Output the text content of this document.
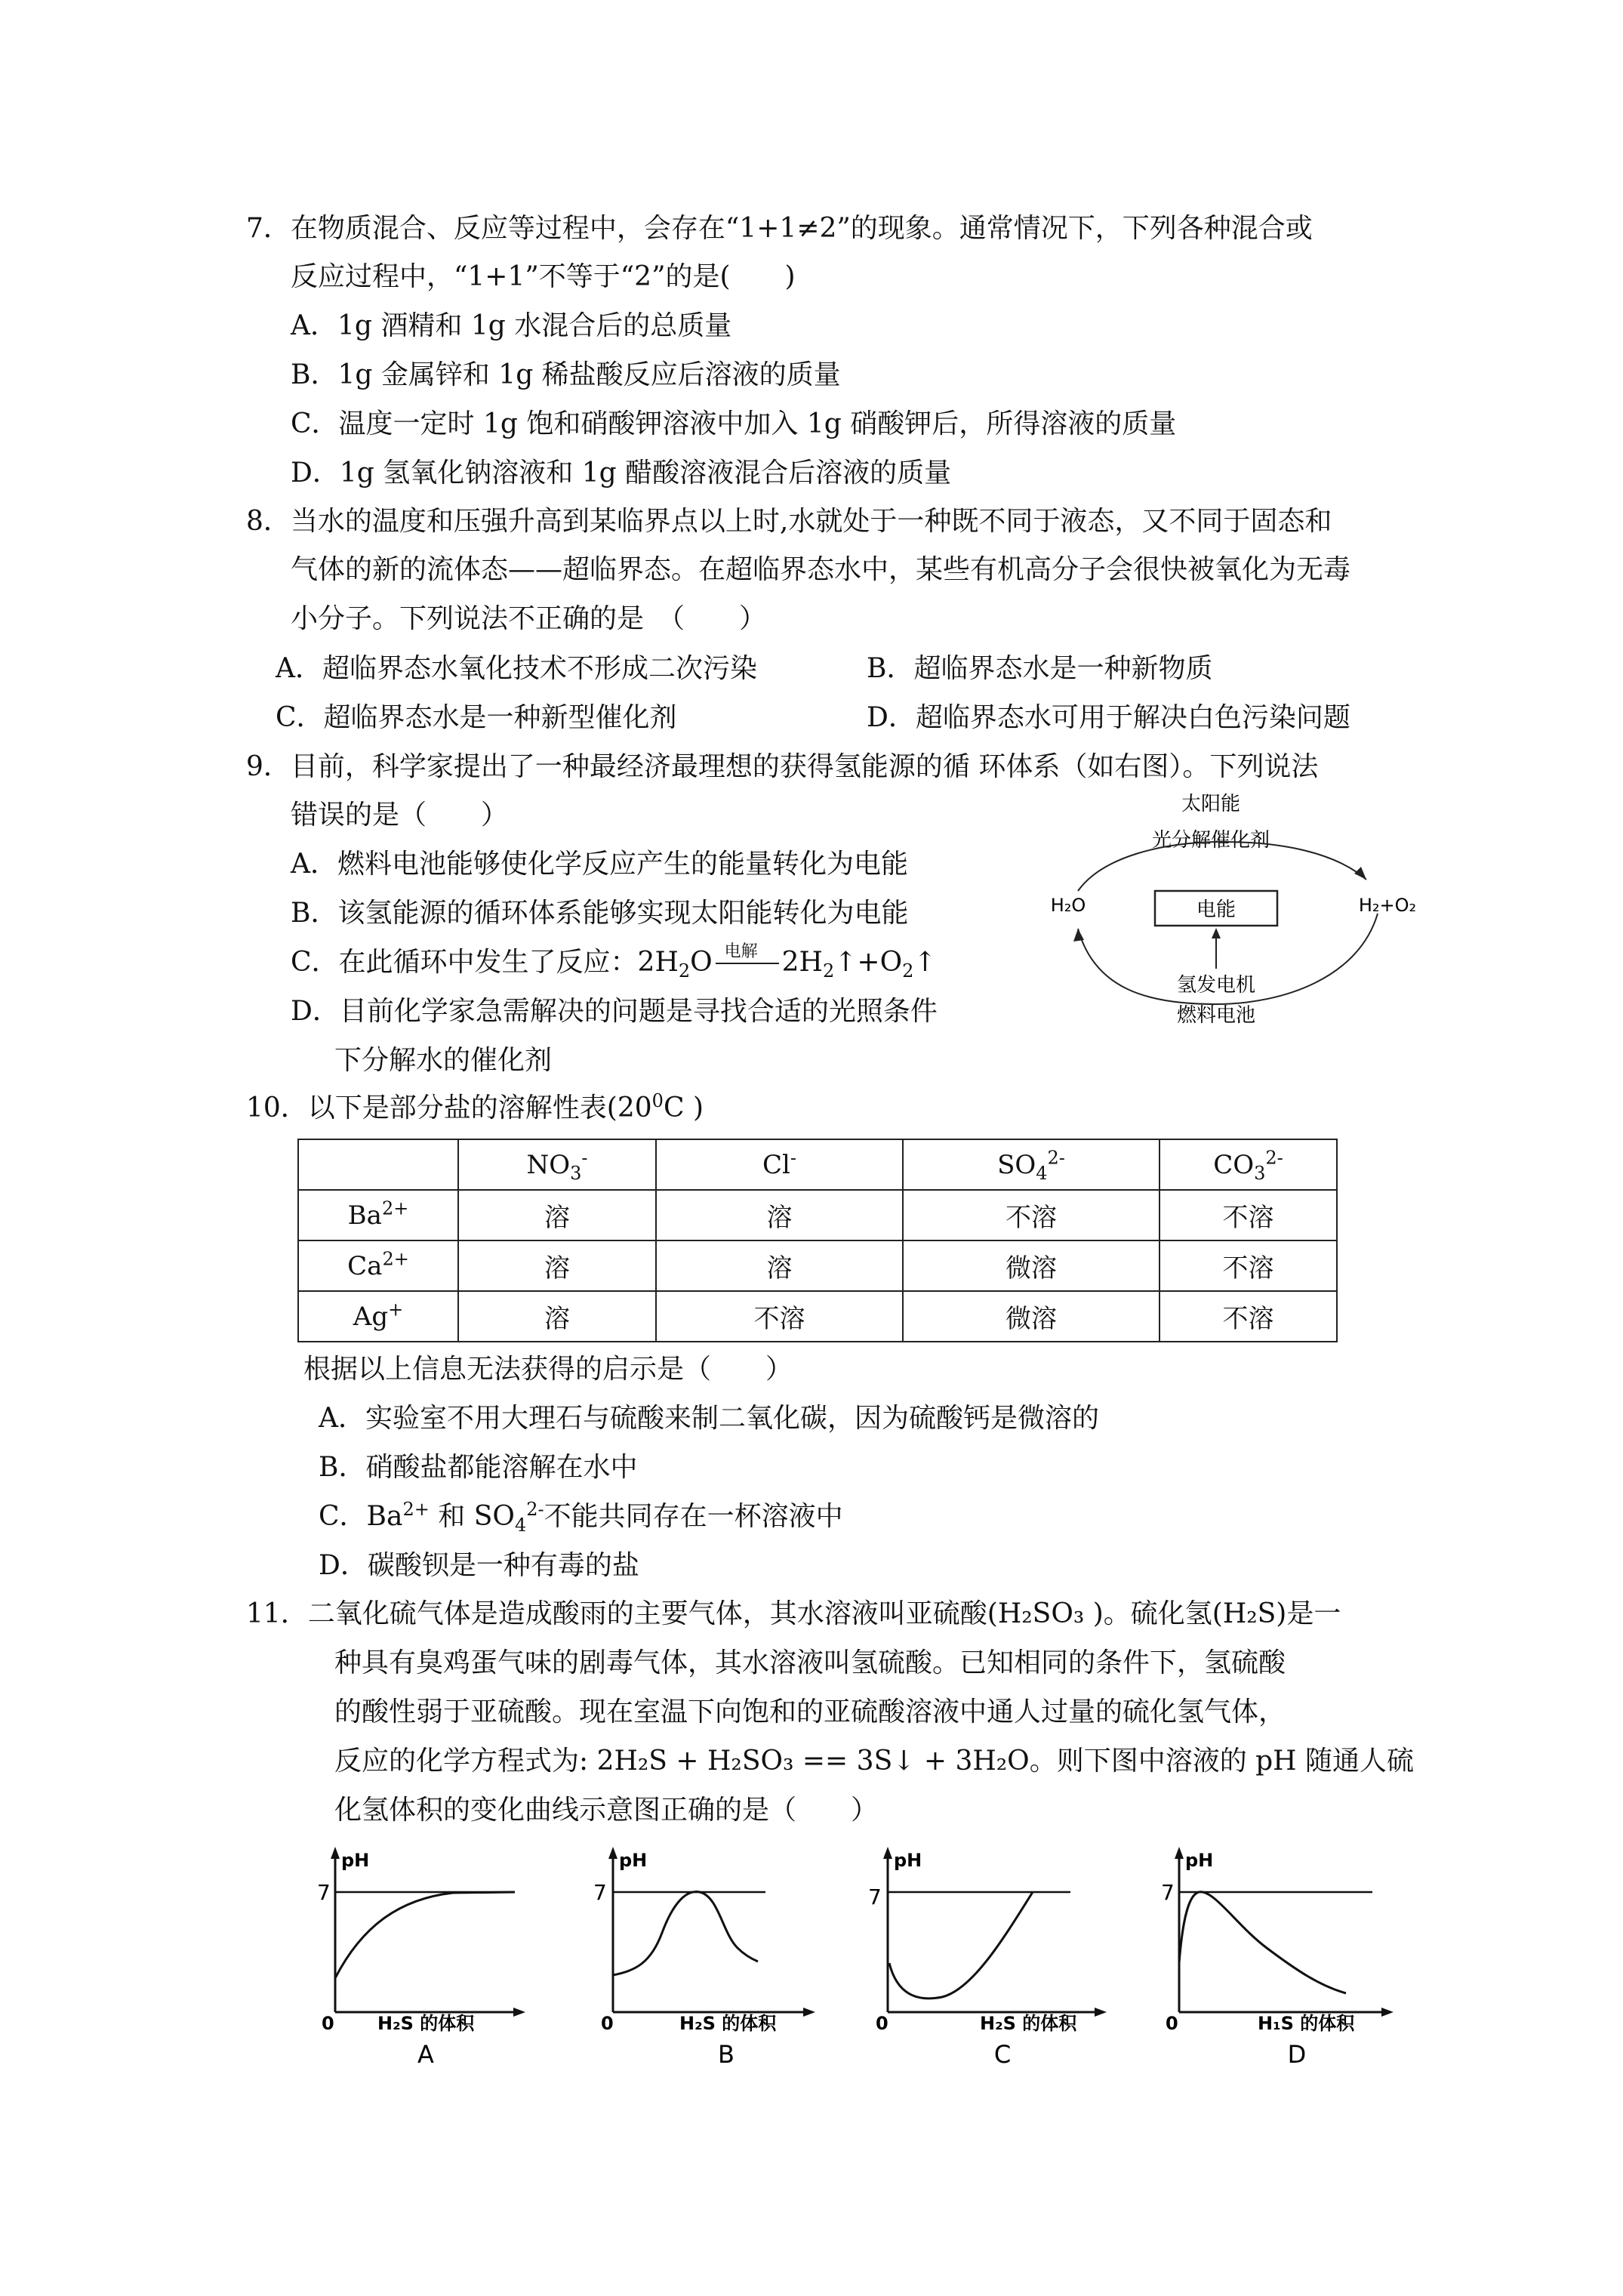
7．在物质混合、反应等过程中，会存在“1+1≠2”的现象。通常情况下，下列各种混合或
反应过程中，“1+1”不等于“2”的是(　　)
A．1g 酒精和 1g 水混合后的总质量
B．1g 金属锌和 1g 稀盐酸反应后溶液的质量
C．温度一定时 1g 饱和硝酸钾溶液中加入 1g 硝酸钾后，所得溶液的质量
D．1g 氢氧化钠溶液和 1g 醋酸溶液混合后溶液的质量
8．当水的温度和压强升高到某临界点以上时,水就处于一种既不同于液态，又不同于固态和
气体的新的流体态——超临界态。在超临界态水中，某些有机高分子会很快被氧化为无毒
小分子。下列说法不正确的是　（　　）
A．超临界态水氧化技术不形成二次污染	B．超临界态水是一种新物质
C．超临界态水是一种新型催化剂	D．超临界态水可用于解决白色污染问题
9．目前，科学家提出了一种最经济最理想的获得氢能源的循 环体系（如右图）。下列说法
错误的是（　　）
A．燃料电池能够使化学反应产生的能量转化为电能
B．该氢能源的循环体系能够实现太阳能转化为电能
C．在此循环中发生了反应：$2H_2O$ 电解 $2H_2↑+O_2↑$
D．目前化学家急需解决的问题是寻找合适的光照条件
下分解水的催化剂
太阳能
光分解催化剂
H₂O	H₂+O₂
电能
氢发电机
燃料电池
10．以下是部分盐的溶解性表($20^0C$ )
	$NO_3^-$	Cl-	$SO_4^{2-}$	$CO_3^{2-}$
$Ba^{2+}$	溶	溶	不溶	不溶
$Ca^{2+}$	溶	溶	微溶	不溶
Ag+	溶	不溶	微溶	不溶
根据以上信息无法获得的启示是（　　）
A．实验室不用大理石与硫酸来制二氧化碳，因为硫酸钙是微溶的
B．硝酸盐都能溶解在水中
C．$Ba^{2+}$ 和 $SO_4^{2-}$不能共同存在一杯溶液中
D．碳酸钡是一种有毒的盐
11．二氧化硫气体是造成酸雨的主要气体，其水溶液叫亚硫酸(H₂SO₃ )。硫化氢(H₂S)是一
种具有臭鸡蛋气味的剧毒气体，其水溶液叫氢硫酸。已知相同的条件下，氢硫酸
的酸性弱于亚硫酸。现在室温下向饱和的亚硫酸溶液中通人过量的硫化氢气体，
反应的化学方程式为: 2H₂S + H₂SO₃ == 3S↓ + 3H₂O。则下图中溶液的 pH 随通人硫
化氢体积的变化曲线示意图正确的是（　　）
pH
7
0 H₂S 的体积
A
pH
7
0	H₂S 的体积
B
pH
7
0	H₂S 的体积
C
pH
7
0	H₁S 的体积
D
